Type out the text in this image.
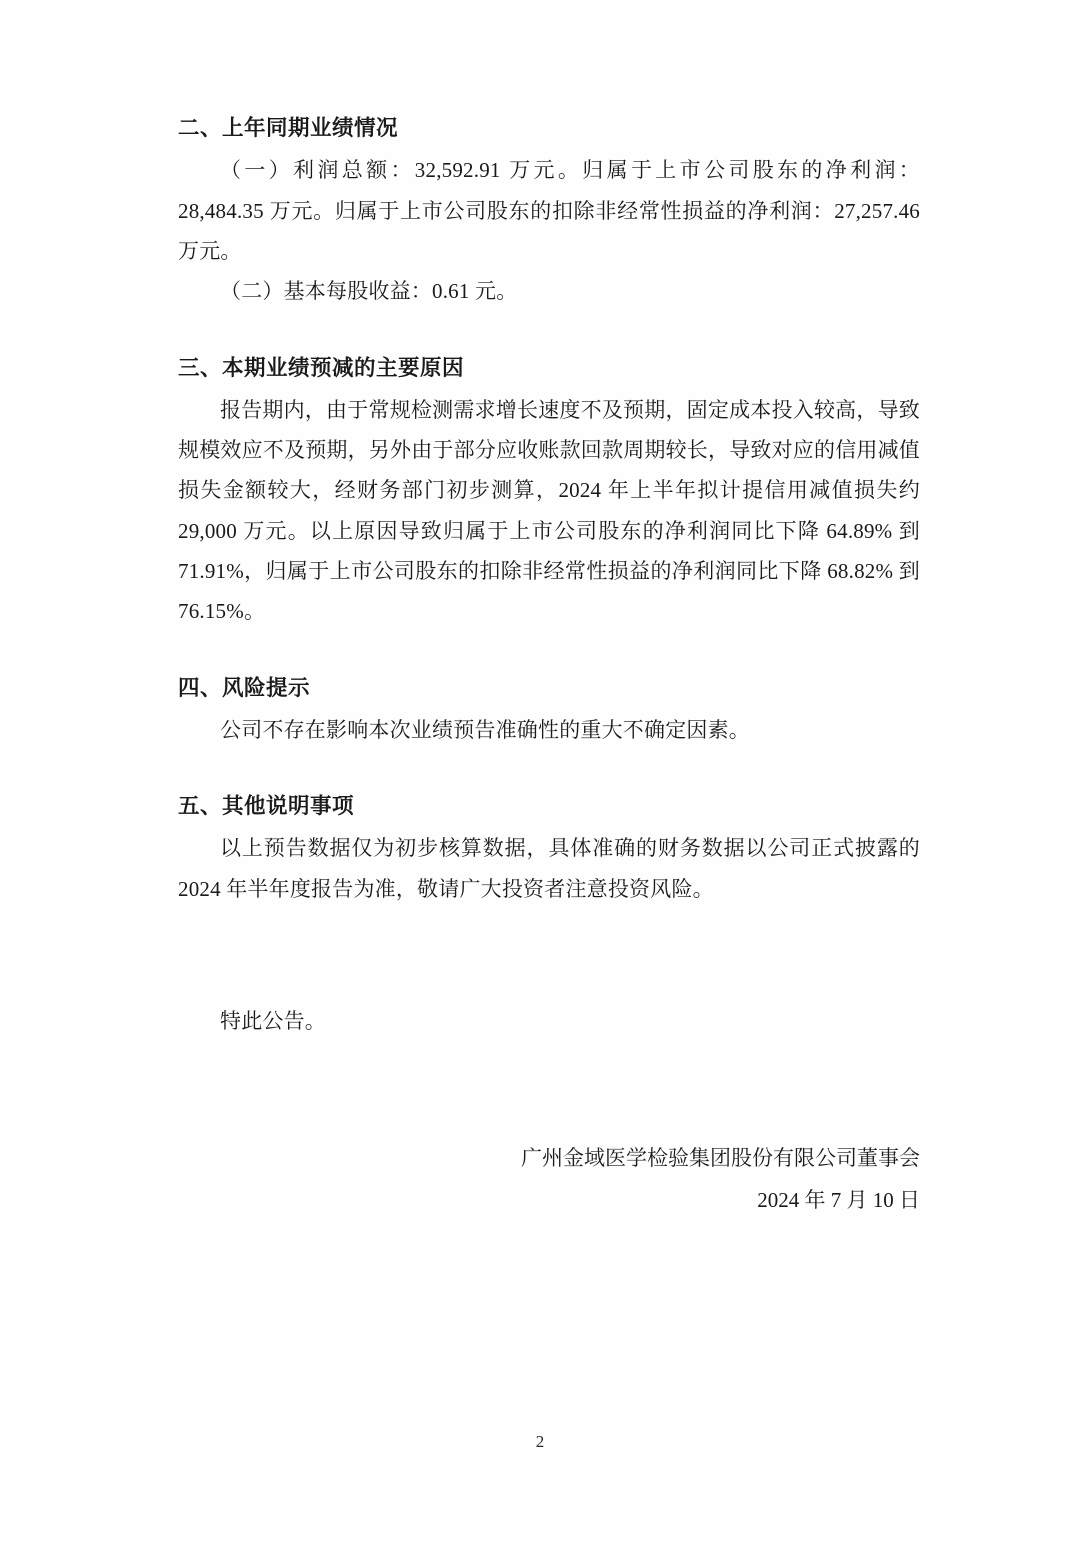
二、上年同期业绩情况

（一）利润总额：32,592.91 万元。归属于上市公司股东的净利润：28,484.35 万元。归属于上市公司股东的扣除非经常性损益的净利润：27,257.46 万元。

（二）基本每股收益：0.61 元。

三、本期业绩预减的主要原因

报告期内，由于常规检测需求增长速度不及预期，固定成本投入较高，导致规模效应不及预期，另外由于部分应收账款回款周期较长，导致对应的信用减值损失金额较大，经财务部门初步测算，2024 年上半年拟计提信用减值损失约 29,000 万元。以上原因导致归属于上市公司股东的净利润同比下降 64.89% 到 71.91%，归属于上市公司股东的扣除非经常性损益的净利润同比下降 68.82% 到 76.15%。

四、风险提示

公司不存在影响本次业绩预告准确性的重大不确定因素。

五、其他说明事项

以上预告数据仅为初步核算数据，具体准确的财务数据以公司正式披露的 2024 年半年度报告为准，敬请广大投资者注意投资风险。

特此公告。

广州金域医学检验集团股份有限公司董事会
2024 年 7 月 10 日
2
